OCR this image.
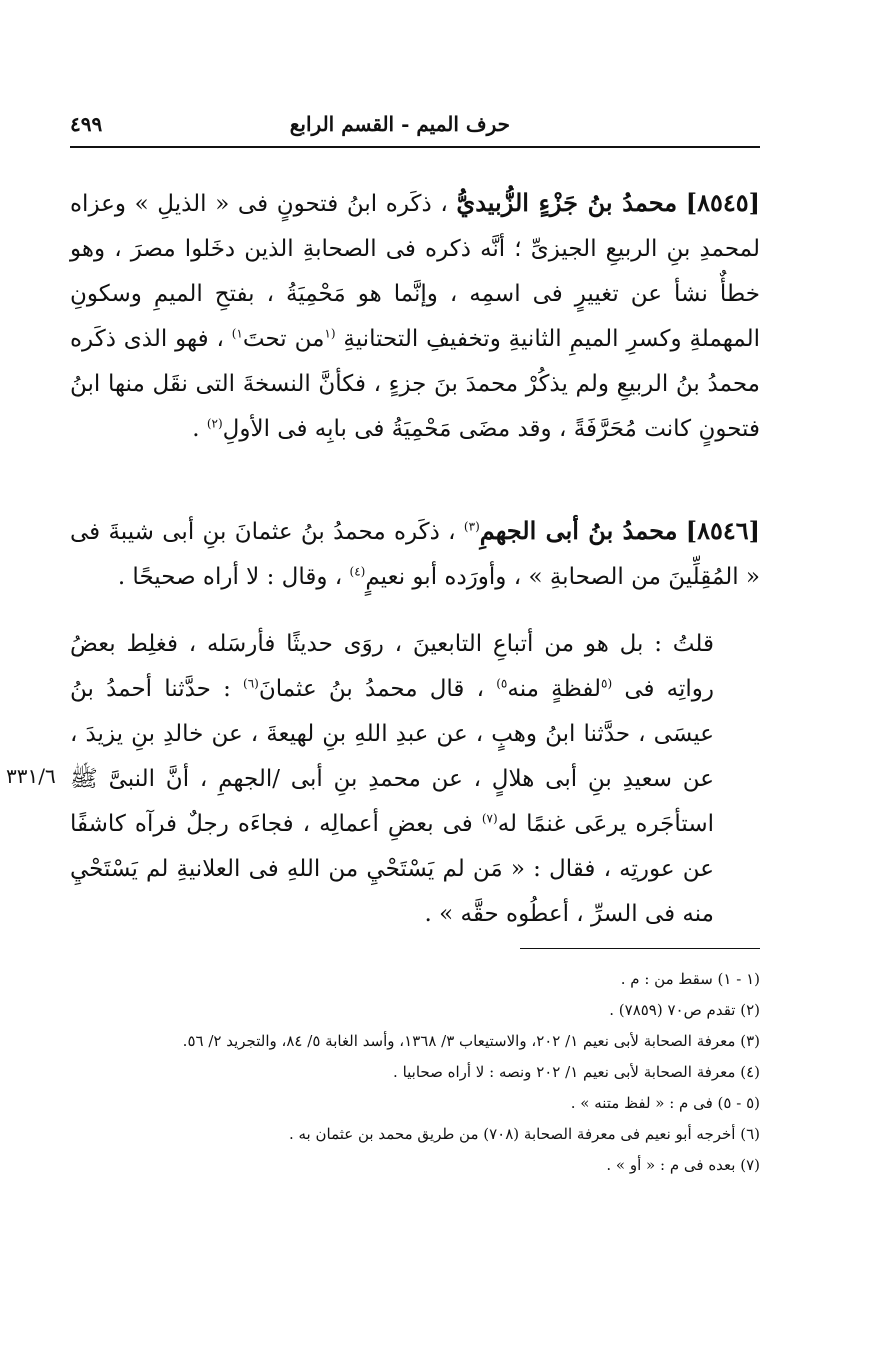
حرف الميم - القسم الرابع
٤٩٩

[٨٥٤٥] محمدُ بنُ جَزْءٍ الزُّبيديُّ ، ذكَره ابنُ فتحونٍ فى « الذيلِ » وعزاه لمحمدِ بنِ الربيعِ الجيزىِّ ؛ أنَّه ذكره فى الصحابةِ الذين دخَلوا مصرَ ، وهو خطأٌ نشأ عن تغييرٍ فى اسمِه ، وإنَّما هو مَحْمِيَةُ ، بفتحِ الميمِ وسكونِ المهملةِ وكسرِ الميمِ الثانيةِ وتخفيفِ التحتانيةِ $^{(١}$من تحتَ$^{١)}$ ، فهو الذى ذكَره محمدُ بنُ الربيعِ ولم يذكُرْ محمدَ بنَ جزءٍ ، فكأنَّ النسخةَ التى نقَل منها ابنُ فتحونٍ كانت مُحَرَّفَةً ، وقد مضَى مَحْمِيَةُ فى بابِه فى الأولِ$^{(٢)}$ .

[٨٥٤٦] محمدُ بنُ أبى الجهمِ$^{(٣)}$ ، ذكَره محمدُ بنُ عثمانَ بنِ أبى شيبةَ فى « المُقِلِّينَ من الصحابةِ » ، وأورَده أبو نعيمٍ$^{(٤)}$ ، وقال : لا أراه صحيحًا .

قلتُ : بل هو من أتباعِ التابعينَ ، روَى حديثًا فأرسَله ، فغلِط بعضُ رواتِه فى $^{(٥}$لفظةٍ منه$^{٥)}$ ، قال محمدُ بنُ عثمانَ$^{(٦)}$ : حدَّثنا أحمدُ بنُ عيسَى ، حدَّثنا ابنُ وهبٍ ، عن عبدِ اللهِ بنِ لهيعةَ ، عن خالدِ بنِ يزيدَ ، عن سعيدِ بنِ أبى هلالٍ ، عن محمدِ بنِ أبى /الجهمِ ، أنَّ النبىَّ ﷺ استأجَره يرعَى غنمًا له$^{(٧)}$ فى بعضِ أعمالِه ، فجاءَه رجلٌ فرآه كاشفًا عن عورتِه ، فقال : « مَن لم يَسْتَحْيِ من اللهِ فى العلانيةِ لم يَسْتَحْيِ منه فى السرِّ ، أعطُوه حقَّه » .

٣٣١/٦

(١ - ١) سقط من : م .

(٢) تقدم ص٧٠ (٧٨٥٩) .

(٣) معرفة الصحابة لأبى نعيم ١/ ٢٠٢، والاستيعاب ٣/ ١٣٦٨، وأسد الغابة ٥/ ٨٤، والتجريد ٢/ ٥٦.

(٤) معرفة الصحابة لأبى نعيم ١/ ٢٠٢ ونصه : لا أراه صحابيا .

(٥ - ٥) فى م : « لفظ متنه » .

(٦) أخرجه أبو نعيم فى معرفة الصحابة (٧٠٨) من طريق محمد بن عثمان به .

(٧) بعده فى م : « أو » .
